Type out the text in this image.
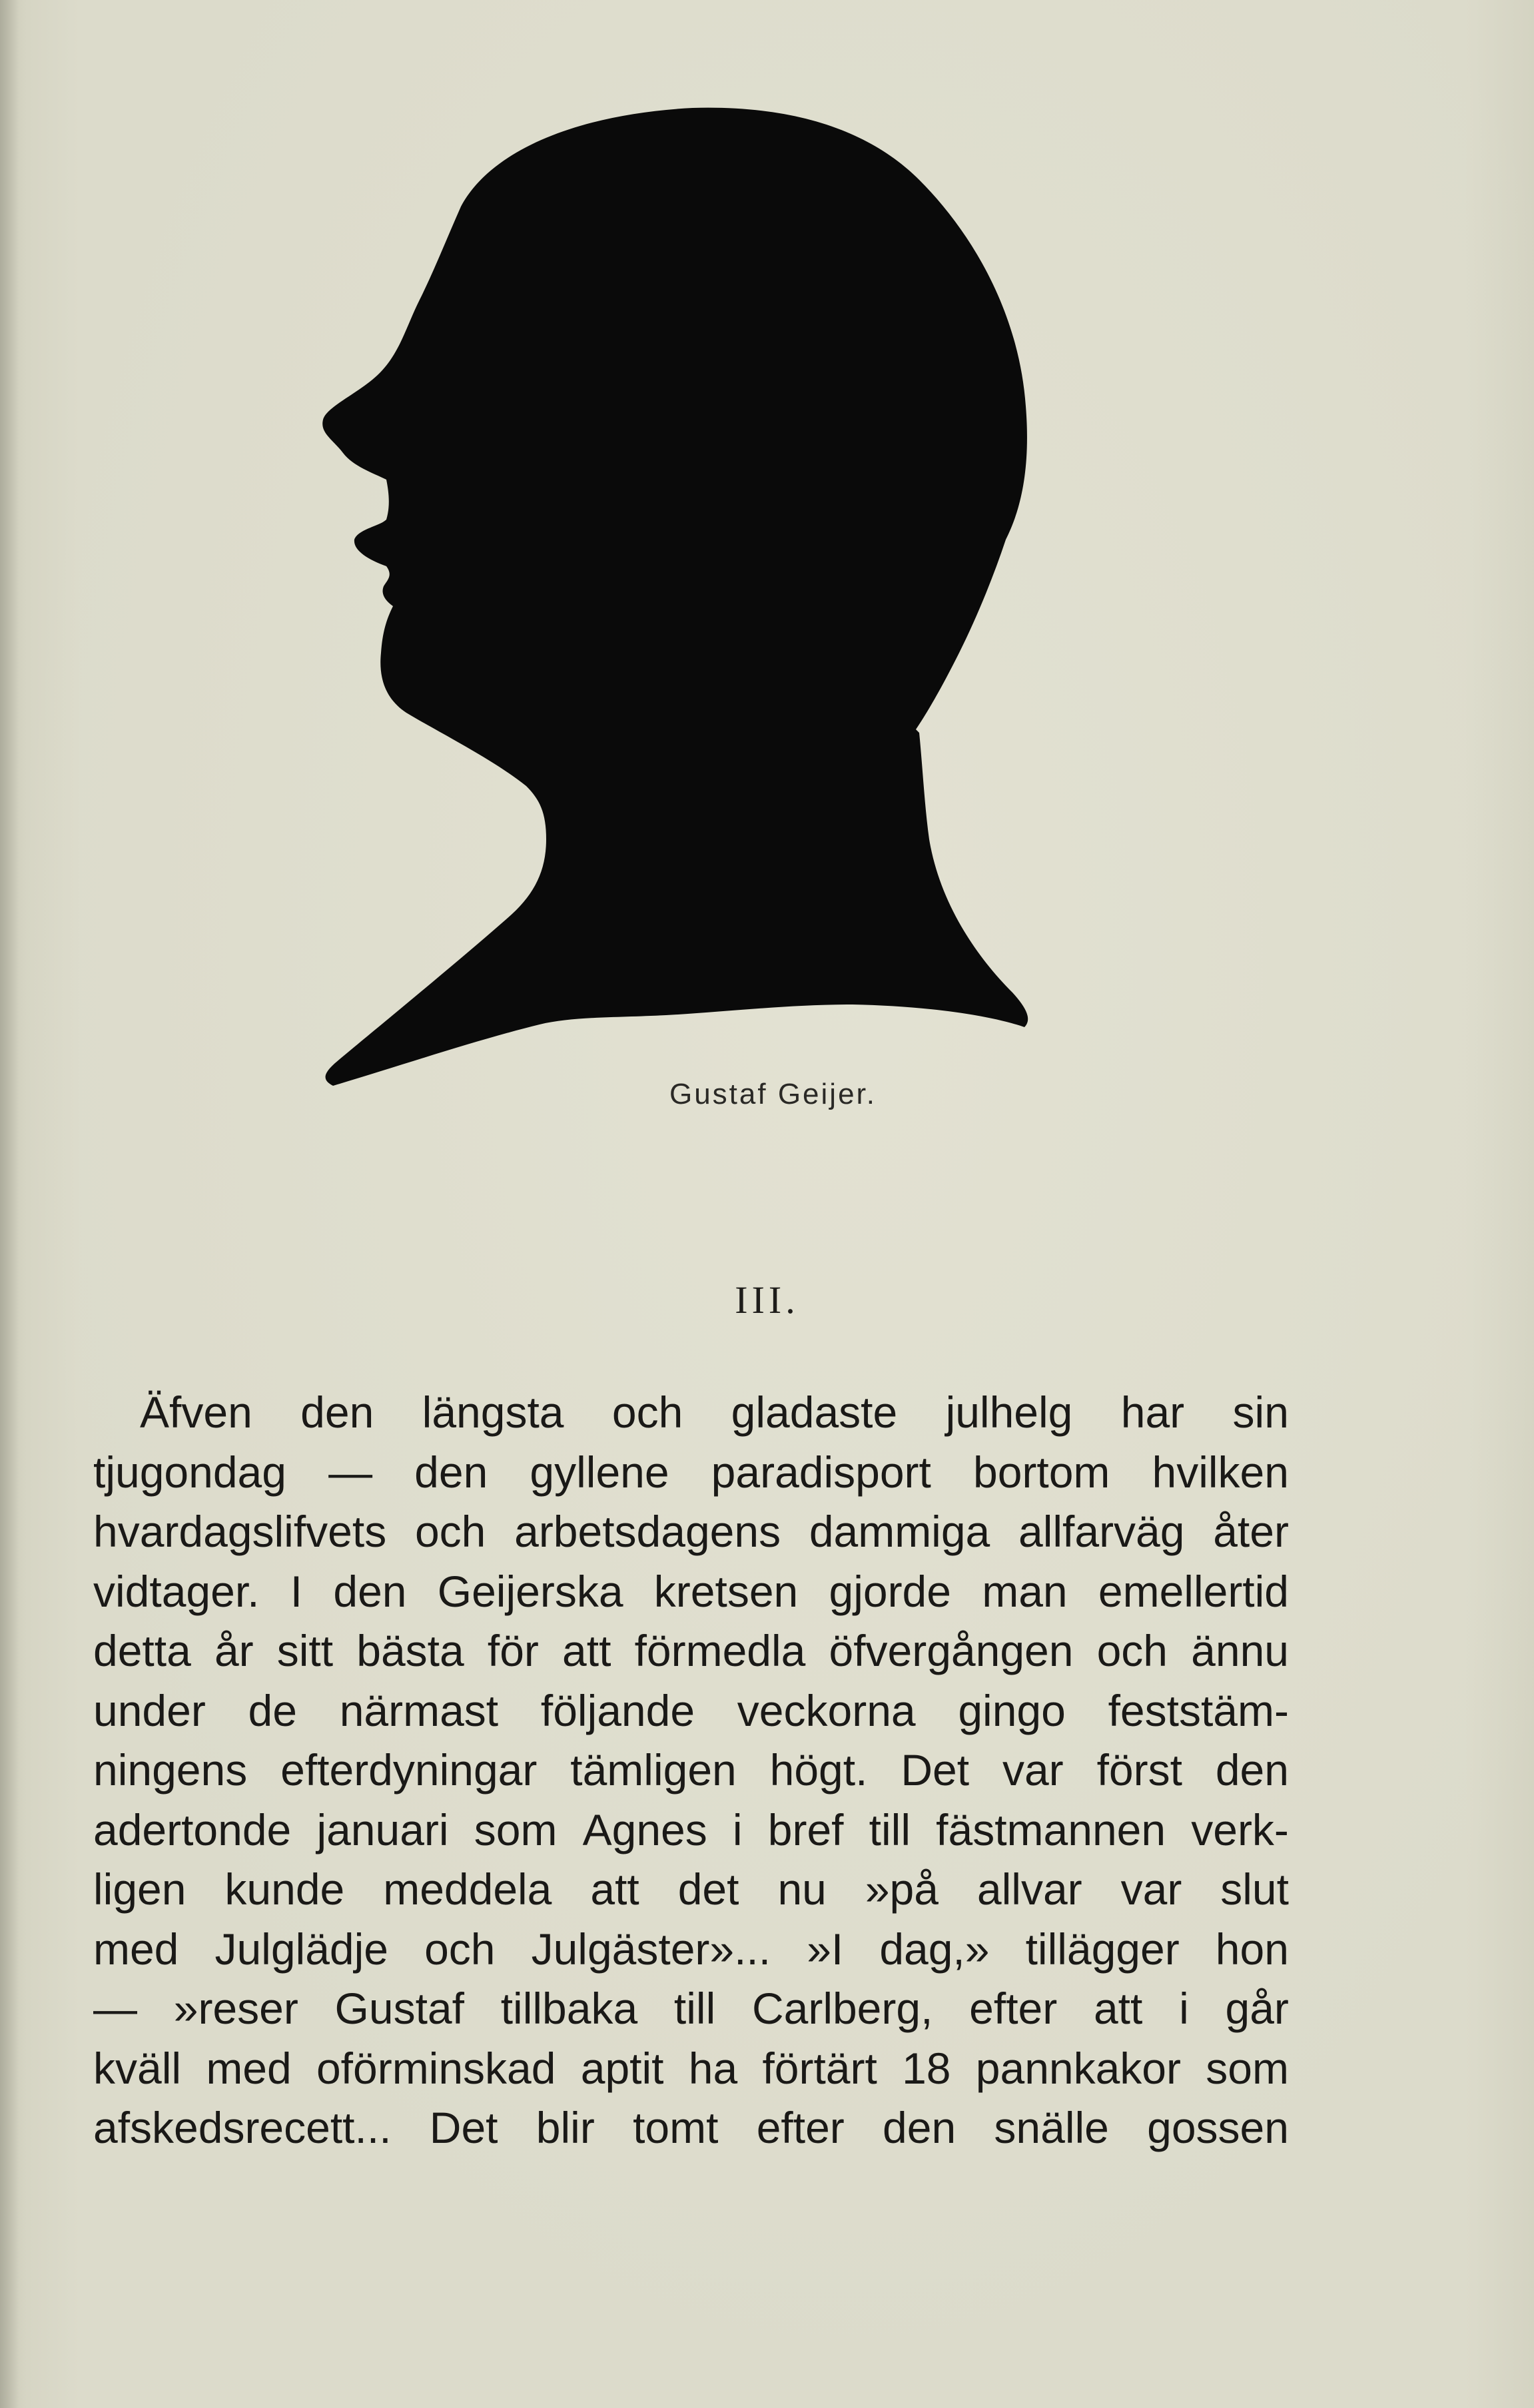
Gustaf Geijer.
III.
Äfven den längsta och gladaste julhelg har sin
tjugondag — den gyllene paradisport bortom hvilken
hvardagslifvets och arbetsdagens dammiga allfarväg åter
vidtager. I den Geijerska kretsen gjorde man emellertid
detta år sitt bästa för att förmedla öfvergången och ännu
under de närmast följande veckorna gingo feststäm-
ningens efterdyningar tämligen högt. Det var först den
adertonde januari som Agnes i bref till fästmannen verk-
ligen kunde meddela att det nu »på allvar var slut
med Julglädje och Julgäster»... »I dag,» tillägger hon
— »reser Gustaf tillbaka till Carlberg, efter att i går
kväll med oförminskad aptit ha förtärt 18 pannkakor som
afskedsrecett... Det blir tomt efter den snälle gossen
